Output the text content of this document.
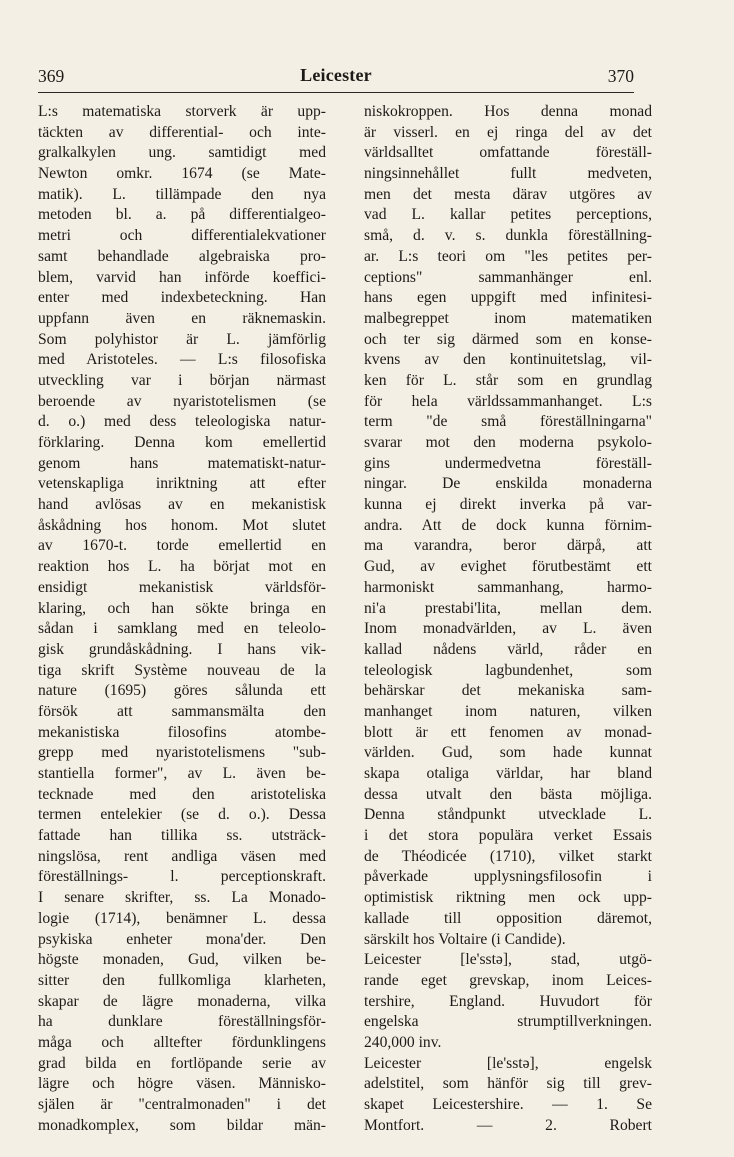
369	Leicester	370
L:s matematiska storverk är upp-
täckten av differential- och inte-
gralkalkylen ung. samtidigt med
Newton omkr. 1674 (se Mate-
matik). L. tillämpade den nya
metoden bl. a. på differentialgeo-
metri och differentialekvationer
samt behandlade algebraiska pro-
blem, varvid han införde koeffici-
enter med indexbeteckning. Han
uppfann även en räknemaskin.
Som polyhistor är L. jämförlig
med Aristoteles. — L:s filosofiska
utveckling var i början närmast
beroende av nyaristotelismen (se
d. o.) med dess teleologiska natur-
förklaring. Denna kom emellertid
genom hans matematiskt-natur-
vetenskapliga inriktning att efter
hand avlösas av en mekanistisk
åskådning hos honom. Mot slutet
av 1670-t. torde emellertid en
reaktion hos L. ha börjat mot en
ensidigt mekanistisk världsför-
klaring, och han sökte bringa en
sådan i samklang med en teleolo-
gisk grundåskådning. I hans vik-
tiga skrift Système nouveau de la
nature (1695) göres sålunda ett
försök att sammansmälta den
mekanistiska filosofins atombe-
grepp med nyaristotelismens "sub-
stantiella former", av L. även be-
tecknade med den aristoteliska
termen entelekier (se d. o.). Dessa
fattade han tillika ss. utsträck-
ningslösa, rent andliga väsen med
föreställnings- l. perceptionskraft.
I senare skrifter, ss. La Monado-
logie (1714), benämner L. dessa
psykiska enheter mona'der. Den
högste monaden, Gud, vilken be-
sitter den fullkomliga klarheten,
skapar de lägre monaderna, vilka
ha dunklare föreställningsför-
måga och alltefter fördunklingens
grad bilda en fortlöpande serie av
lägre och högre väsen. Människo-
själen är "centralmonaden" i det
monadkomplex, som bildar män-
niskokroppen. Hos denna monad
är visserl. en ej ringa del av det
världsalltet omfattande föreställ-
ningsinnehållet fullt medveten,
men det mesta därav utgöres av
vad L. kallar petites perceptions,
små, d. v. s. dunkla föreställning-
ar. L:s teori om "les petites per-
ceptions" sammanhänger enl.
hans egen uppgift med infinitesi-
malbegreppet inom matematiken
och ter sig därmed som en konse-
kvens av den kontinuitetslag, vil-
ken för L. står som en grundlag
för hela världssammanhanget. L:s
term "de små föreställningarna"
svarar mot den moderna psykolo-
gins undermedvetna föreställ-
ningar. De enskilda monaderna
kunna ej direkt inverka på var-
andra. Att de dock kunna förnim-
ma varandra, beror därpå, att
Gud, av evighet förutbestämt ett
harmoniskt sammanhang, harmo-
ni'a prestabi'lita, mellan dem.
Inom monadvärlden, av L. även
kallad nådens värld, råder en
teleologisk lagbundenhet, som
behärskar det mekaniska sam-
manhanget inom naturen, vilken
blott är ett fenomen av monad-
världen. Gud, som hade kunnat
skapa otaliga världar, har bland
dessa utvalt den bästa möjliga.
Denna ståndpunkt utvecklade L.
i det stora populära verket Essais
de Théodicée (1710), vilket starkt
påverkade upplysningsfilosofin i
optimistisk riktning men ock upp-
kallade till opposition däremot,
särskilt hos Voltaire (i Candide).
Leicester [le'sstə], stad, utgö-
rande eget grevskap, inom Leices-
tershire, England. Huvudort för
engelska strumptillverkningen.
240,000 inv.
Leicester [le'sstə], engelsk
adelstitel, som hänför sig till grev-
skapet Leicestershire. — 1. Se
Montfort. — 2. Robert
